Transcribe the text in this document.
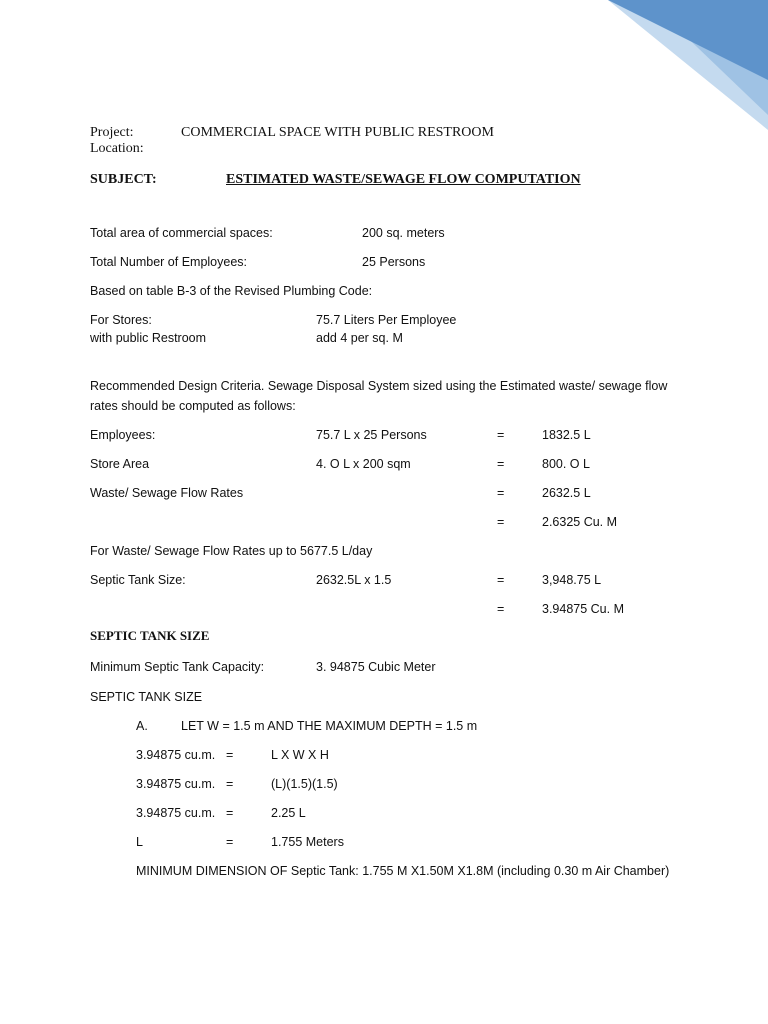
Project:	COMMERCIAL SPACE WITH PUBLIC RESTROOM
Location:
SUBJECT:	ESTIMATED WASTE/SEWAGE FLOW COMPUTATION
Total area of commercial spaces:	200 sq. meters
Total Number of Employees:	25 Persons
Based on table B-3 of the Revised Plumbing Code:
For Stores:	75.7 Liters Per Employee
with public Restroom	add 4 per sq. M
Recommended Design Criteria. Sewage Disposal System sized using the Estimated waste/ sewage flow
rates should be computed as follows:
Employees:	75.7 L x 25 Persons	=	1832.5 L
Store Area	4. O L x 200 sqm	=	800. O L
Waste/ Sewage Flow Rates	=	2632.5 L
=	2.6325 Cu. M
For Waste/ Sewage Flow Rates up to 5677.5 L/day
Septic Tank Size:	2632.5L x 1.5	=	3,948.75 L
=	3.94875 Cu. M
SEPTIC TANK SIZE
Minimum Septic Tank Capacity:	3. 94875 Cubic Meter
SEPTIC TANK SIZE
A.	LET W = 1.5 m AND THE MAXIMUM DEPTH = 1.5 m
3.94875 cu.m. =	L X W X H
3.94875 cu.m. =	(L)(1.5)(1.5)
3.94875 cu.m. =	2.25 L
L	=	1.755 Meters
MINIMUM DIMENSION OF Septic Tank: 1.755 M X1.50M X1.8M (including 0.30 m Air Chamber)
